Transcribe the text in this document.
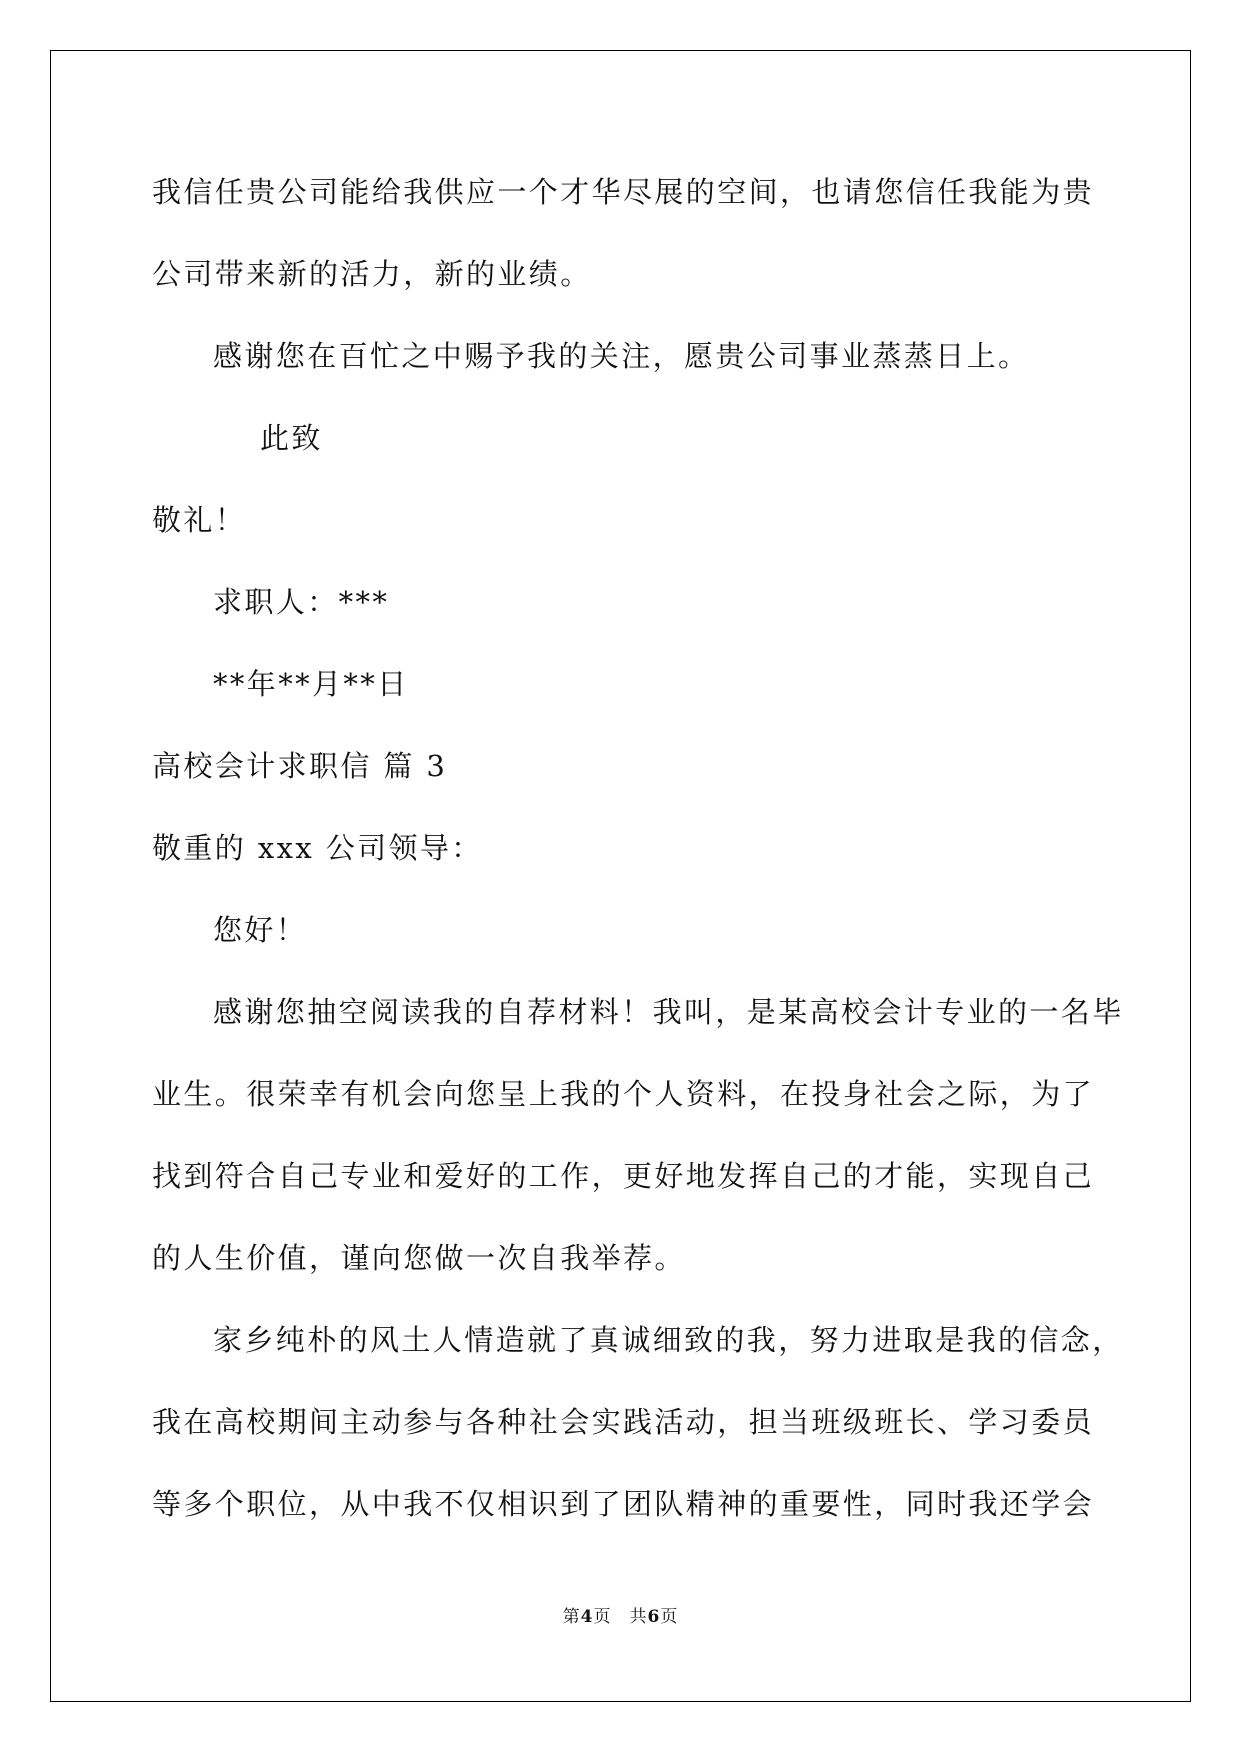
我信任贵公司能给我供应一个才华尽展的空间，也请您信任我能为贵
公司带来新的活力，新的业绩。
感谢您在百忙之中赐予我的关注，愿贵公司事业蒸蒸日上。
此致
敬礼！
求职人：***
**年**月**日
高校会计求职信 篇 3
敬重的 xxx 公司领导：
您好！
感谢您抽空阅读我的自荐材料！我叫，是某高校会计专业的一名毕
业生。很荣幸有机会向您呈上我的个人资料，在投身社会之际，为了
找到符合自己专业和爱好的工作，更好地发挥自己的才能，实现自己
的人生价值，谨向您做一次自我举荐。
家乡纯朴的风土人情造就了真诚细致的我，努力进取是我的信念，
我在高校期间主动参与各种社会实践活动，担当班级班长、学习委员
等多个职位，从中我不仅相识到了团队精神的重要性，同时我还学会
第4页　共6页
